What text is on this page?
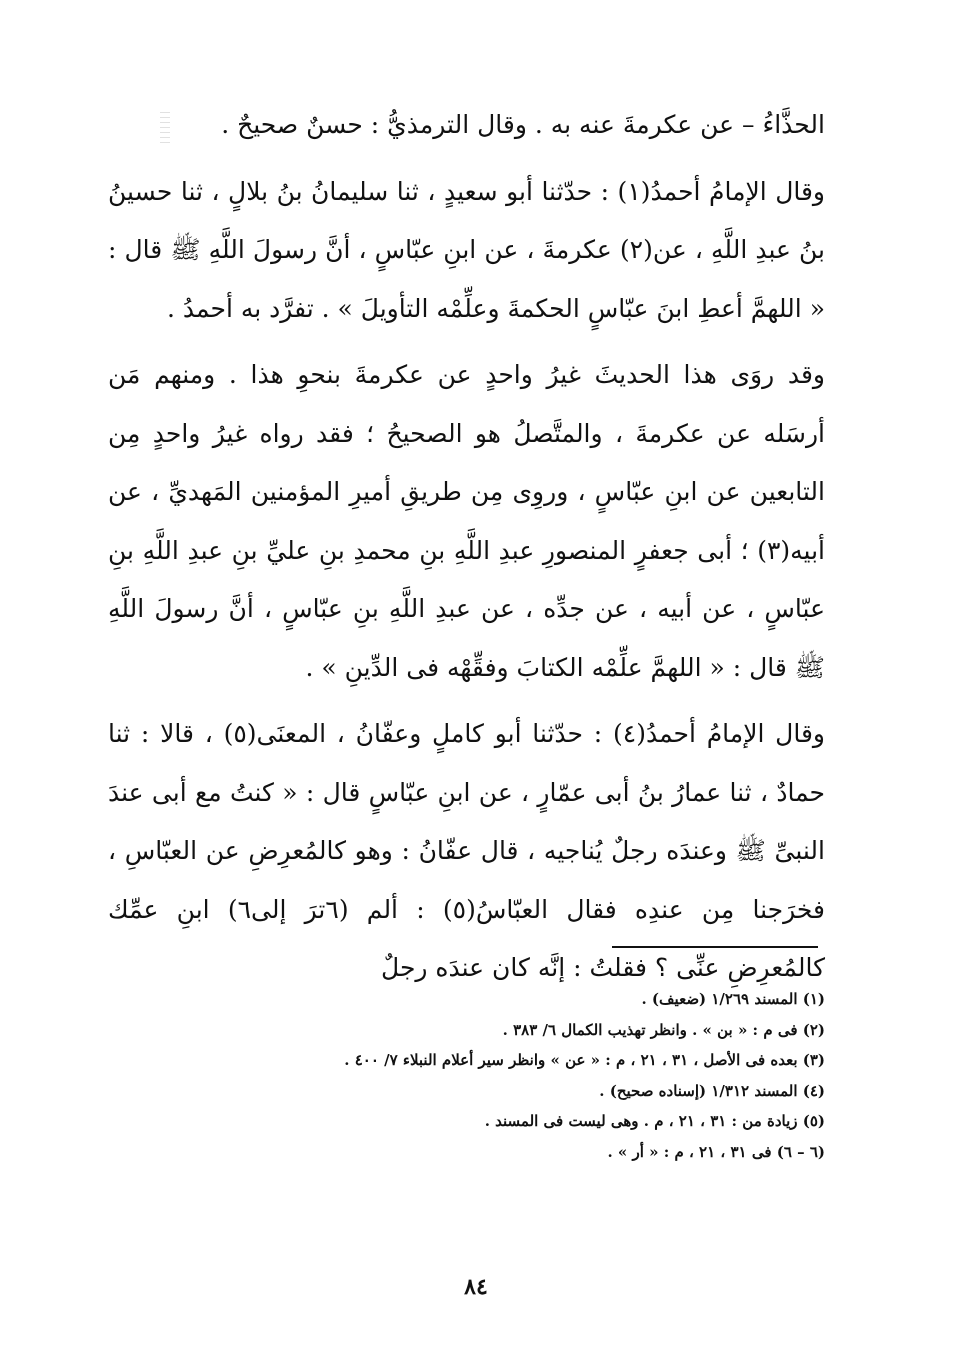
الحذَّاءُ – عن عكرمةَ عنه به . وقال الترمذيُّ : حسنٌ صحيحٌ .

وقال الإمامُ أحمدُ(١) : حدّثنا أبو سعيدٍ ، ثنا سليمانُ بنُ بلالٍ ، ثنا حسينُ بنُ عبدِ اللَّهِ ، عن(٢) عكرمةَ ، عن ابنِ عبّاسٍ ، أنَّ رسولَ اللَّهِ ﷺ قال : « اللهمَّ أعطِ ابنَ عبّاسٍ الحكمةَ وعلِّمْه التأويلَ » . تفرَّد به أحمدُ .

وقد روَى هذا الحديثَ غيرُ واحدٍ عن عكرمةَ بنحوِ هذا . ومنهم مَن أرسَله عن عكرمةَ ، والمتَّصلُ هو الصحيحُ ؛ فقد رواه غيرُ واحدٍ مِن التابعين عن ابنِ عبّاسٍ ، وروِى مِن طريقِ أميرِ المؤمنين المَهديِّ ، عن أبيه(٣) ؛ أبى جعفرٍ المنصورِ عبدِ اللَّهِ بنِ محمدِ بنِ عليِّ بنِ عبدِ اللَّهِ بنِ عبّاسٍ ، عن أبيه ، عن جدِّه ، عن عبدِ اللَّهِ بنِ عبّاسٍ ، أنَّ رسولَ اللَّهِ ﷺ قال : « اللهمَّ علِّمْه الكتابَ وفقِّهْه فى الدِّينِ » .

وقال الإمامُ أحمدُ(٤) : حدّثنا أبو كاملٍ وعفّانُ ، المعنَى(٥) ، قالا : ثنا حمادٌ ، ثنا عمارُ بنُ أبى عمّارٍ ، عن ابنِ عبّاسٍ قال : « كنتُ مع أبى عندَ النبىِّ ﷺ وعندَه رجلٌ يُناجيه ، قال عفّانُ : وهو كالمُعرِضِ عن العبّاسِ ، فخرَجنا مِن عندِه فقال العبّاسُ(٥) : ألم (٦ترَ إلى٦) ابنِ عمِّك كالمُعرِضِ عنِّى ؟ فقلتُ : إنَّه كان عندَه رجلٌ

(١) المسند ١/٢٦٩ (ضعيف) .
(٢) فى م : « بن » . وانظر تهذيب الكمال ٦/ ٣٨٣ .
(٣) بعده فى الأصل ، ٣١ ، ٢١ ، م : « عن » وانظر سير أعلام النبلاء ٧/ ٤٠٠ .
(٤) المسند ١/٣١٢ (إسناده صحيح) .
(٥) زيادة من : ٣١ ، ٢١ ، م . وهى ليست فى المسند .
(٦ – ٦) فى ٣١ ، ٢١ ، م : « أر » .
٨٤
